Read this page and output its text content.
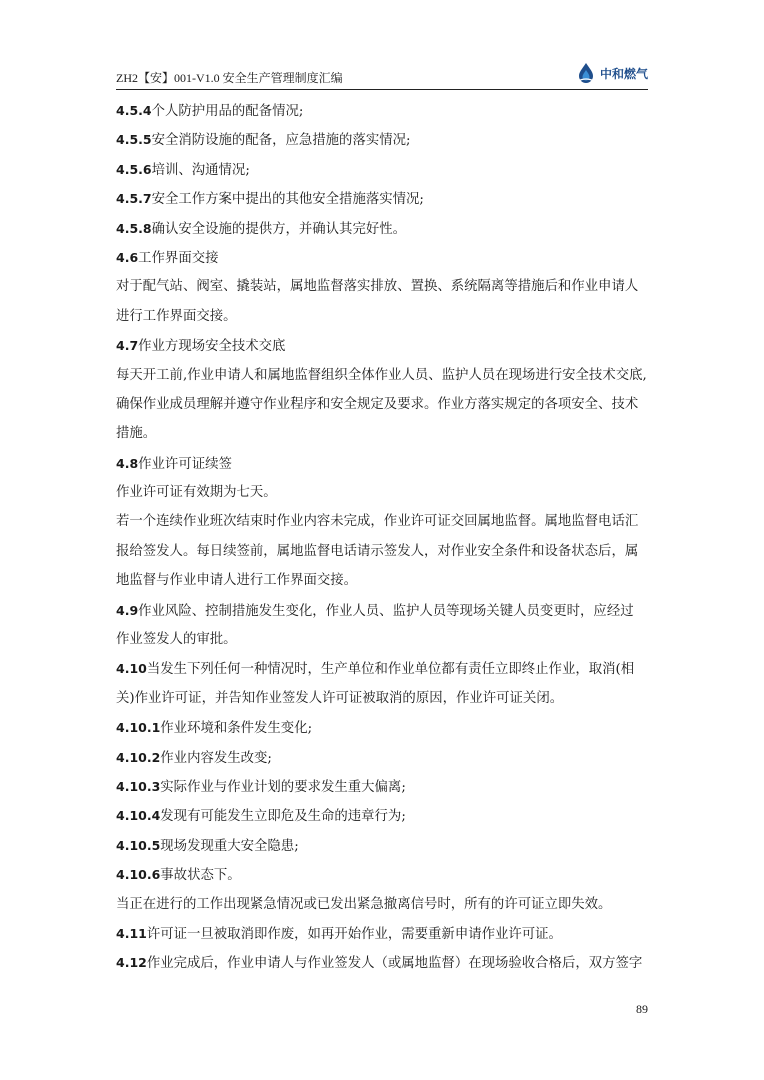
ZH2【安】001-V1.0 安全生产管理制度汇编	中和燃气
4.5.4个人防护用品的配备情况;
4.5.5安全消防设施的配备，应急措施的落实情况;
4.5.6培训、沟通情况;
4.5.7安全工作方案中提出的其他安全措施落实情况;
4.5.8确认安全设施的提供方，并确认其完好性。
4.6工作界面交接
对于配气站、阀室、撬装站，属地监督落实排放、置换、系统隔离等措施后和作业申请人
进行工作界面交接。
4.7作业方现场安全技术交底
每天开工前,作业申请人和属地监督组织全体作业人员、监护人员在现场进行安全技术交底,
确保作业成员理解并遵守作业程序和安全规定及要求。作业方落实规定的各项安全、技术
措施。
4.8作业许可证续签
作业许可证有效期为七天。
若一个连续作业班次结束时作业内容未完成，作业许可证交回属地监督。属地监督电话汇
报给签发人。每日续签前，属地监督电话请示签发人，对作业安全条件和设备状态后，属
地监督与作业申请人进行工作界面交接。
4.9作业风险、控制措施发生变化，作业人员、监护人员等现场关键人员变更时，应经过
作业签发人的审批。
4.10当发生下列任何一种情况时，生产单位和作业单位都有责任立即终止作业，取消(相
关)作业许可证，并告知作业签发人许可证被取消的原因，作业许可证关闭。
4.10.1作业环境和条件发生变化;
4.10.2作业内容发生改变;
4.10.3实际作业与作业计划的要求发生重大偏离;
4.10.4发现有可能发生立即危及生命的违章行为;
4.10.5现场发现重大安全隐患;
4.10.6事故状态下。
当正在进行的工作出现紧急情况或已发出紧急撤离信号时，所有的许可证立即失效。
4.11许可证一旦被取消即作废，如再开始作业，需要重新申请作业许可证。
4.12作业完成后，作业申请人与作业签发人（或属地监督）在现场验收合格后，双方签字
89
